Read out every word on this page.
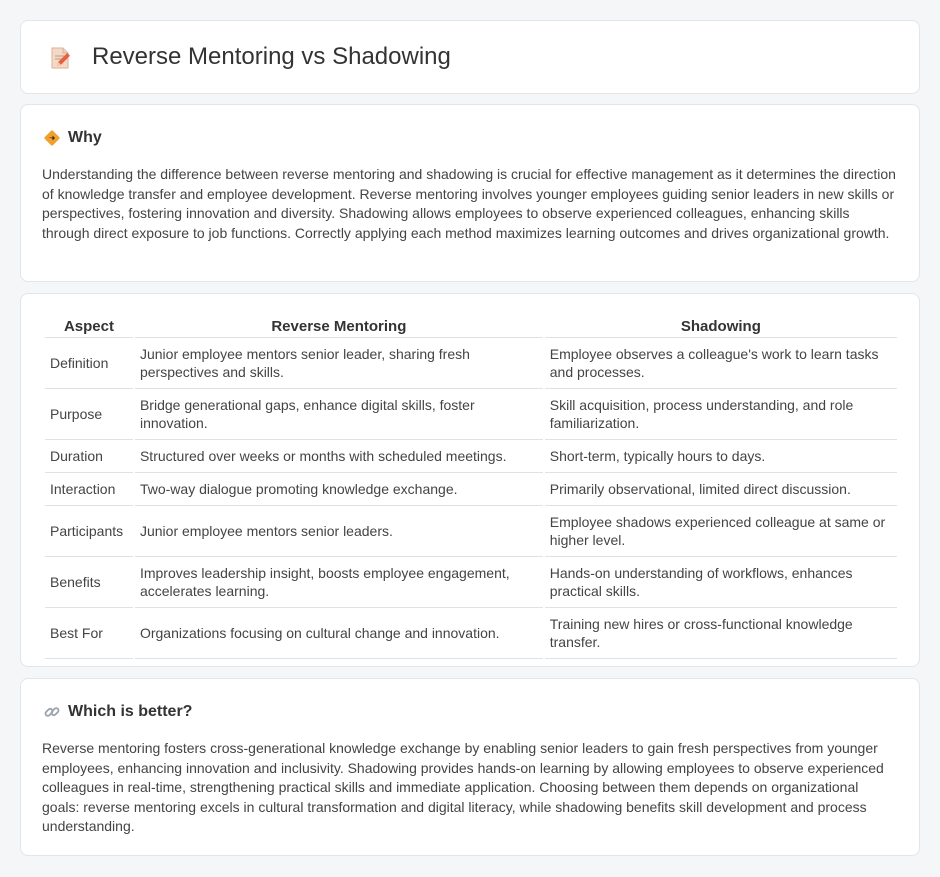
Reverse Mentoring vs Shadowing
Why

Understanding the difference between reverse mentoring and shadowing is crucial for effective management as it determines the direction of knowledge transfer and employee development. Reverse mentoring involves younger employees guiding senior leaders in new skills or perspectives, fostering innovation and diversity. Shadowing allows employees to observe experienced colleagues, enhancing skills through direct exposure to job functions. Correctly applying each method maximizes learning outcomes and drives organizational growth.

Aspect	Reverse Mentoring	Shadowing
Definition	Junior employee mentors senior leader, sharing fresh perspectives and skills.	Employee observes a colleague's work to learn tasks and processes.
Purpose	Bridge generational gaps, enhance digital skills, foster innovation.	Skill acquisition, process understanding, and role familiarization.
Duration	Structured over weeks or months with scheduled meetings.	Short-term, typically hours to days.
Interaction	Two-way dialogue promoting knowledge exchange.	Primarily observational, limited direct discussion.
Participants	Junior employee mentors senior leaders.	Employee shadows experienced colleague at same or higher level.
Benefits	Improves leadership insight, boosts employee engagement, accelerates learning.	Hands-on understanding of workflows, enhances practical skills.
Best For	Organizations focusing on cultural change and innovation.	Training new hires or cross-functional knowledge transfer.
Which is better?

Reverse mentoring fosters cross-generational knowledge exchange by enabling senior leaders to gain fresh perspectives from younger employees, enhancing innovation and inclusivity. Shadowing provides hands-on learning by allowing employees to observe experienced colleagues in real-time, strengthening practical skills and immediate application. Choosing between them depends on organizational goals: reverse mentoring excels in cultural transformation and digital literacy, while shadowing benefits skill development and process understanding.
